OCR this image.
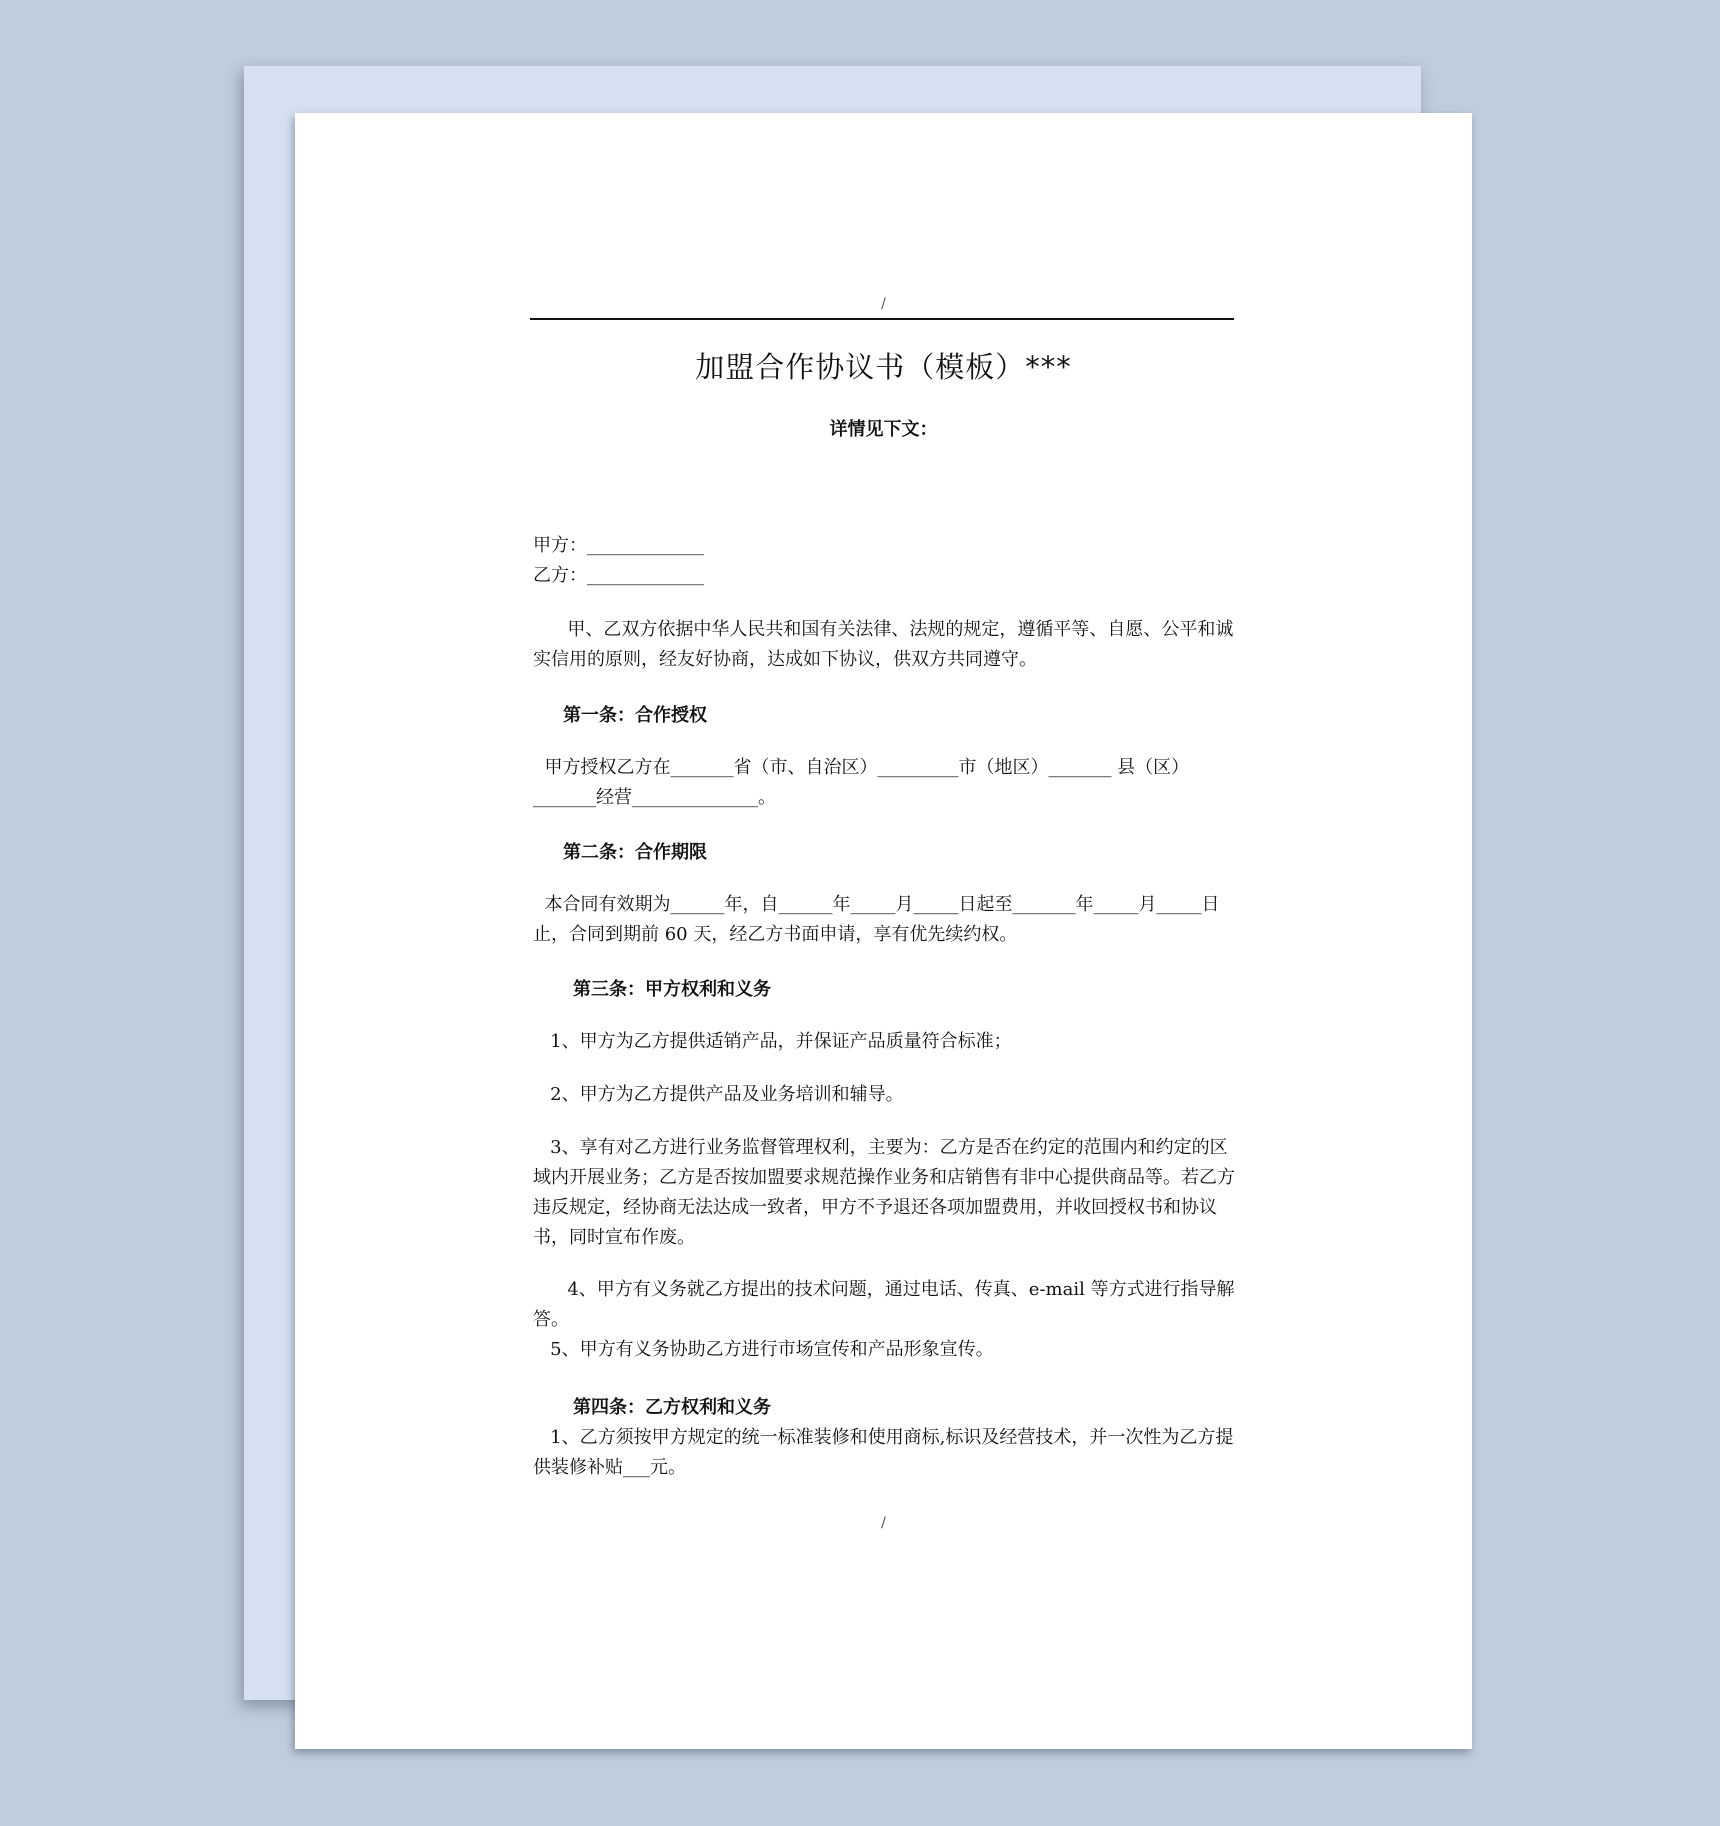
/
加盟合作协议书（模板）***
详情见下文：
甲方：_____________
乙方：_____________
甲、乙双方依据中华人民共和国有关法律、法规的规定，遵循平等、自愿、公平和诚实信用的原则，经友好协商，达成如下协议，供双方共同遵守。
第一条：合作授权
甲方授权乙方在_______省（市、自治区）_________市（地区）_______ 县（区）_______经营______________。
第二条：合作期限
本合同有效期为______年，自______年_____月_____日起至_______年_____月_____日止，合同到期前 60 天，经乙方书面申请，享有优先续约权。
第三条：甲方权利和义务
1、甲方为乙方提供适销产品，并保证产品质量符合标准；
2、甲方为乙方提供产品及业务培训和辅导。
3、享有对乙方进行业务监督管理权利，主要为：乙方是否在约定的范围内和约定的区域内开展业务；乙方是否按加盟要求规范操作业务和店销售有非中心提供商品等。若乙方违反规定，经协商无法达成一致者，甲方不予退还各项加盟费用，并收回授权书和协议书，同时宣布作废。
4、甲方有义务就乙方提出的技术问题，通过电话、传真、e-mail 等方式进行指导解答。
5、甲方有义务协助乙方进行市场宣传和产品形象宣传。
第四条：乙方权利和义务
1、乙方须按甲方规定的统一标准装修和使用商标,标识及经营技术，并一次性为乙方提供装修补贴___元。
/
